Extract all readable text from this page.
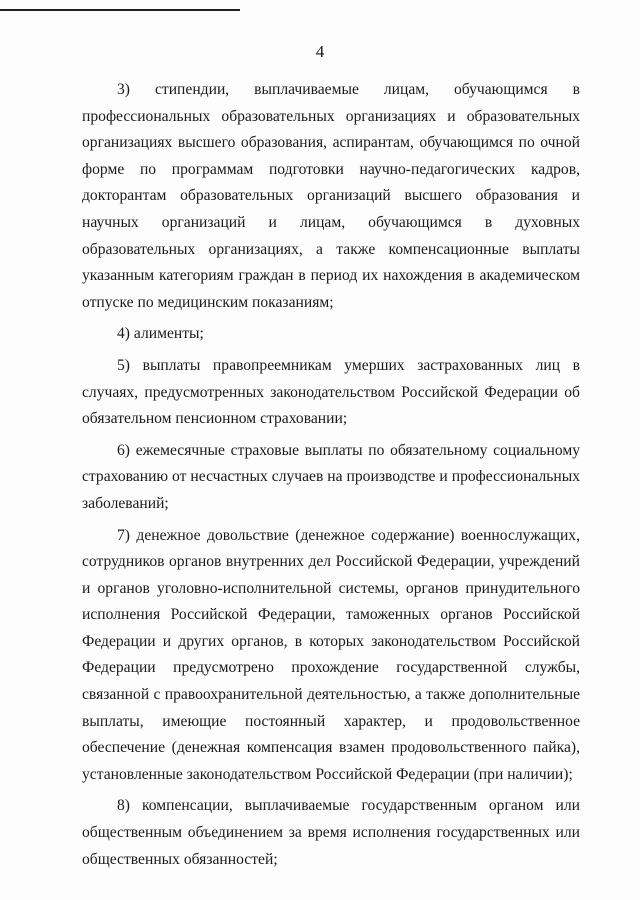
4

3) стипендии, выплачиваемые лицам, обучающимся в профессиональных образовательных организациях и образовательных организациях высшего образования, аспирантам, обучающимся по очной форме по программам подготовки научно-педагогических кадров, докторантам образовательных организаций высшего образования и научных организаций и лицам, обучающимся в духовных образовательных организациях, а также компенсационные выплаты указанным категориям граждан в период их нахождения в академическом отпуске по медицинским показаниям;

4) алименты;

5) выплаты правопреемникам умерших застрахованных лиц в случаях, предусмотренных законодательством Российской Федерации об обязательном пенсионном страховании;

6) ежемесячные страховые выплаты по обязательному социальному страхованию от несчастных случаев на производстве и профессиональных заболеваний;

7) денежное довольствие (денежное содержание) военнослужащих, сотрудников органов внутренних дел Российской Федерации, учреждений и органов уголовно-исполнительной системы, органов принудительного исполнения Российской Федерации, таможенных органов Российской Федерации и других органов, в которых законодательством Российской Федерации предусмотрено прохождение государственной службы, связанной с правоохранительной деятельностью, а также дополнительные выплаты, имеющие постоянный характер, и продовольственное обеспечение (денежная компенсация взамен продовольственного пайка), установленные законодательством Российской Федерации (при наличии);

8) компенсации, выплачиваемые государственным органом или общественным объединением за время исполнения государственных или общественных обязанностей;
